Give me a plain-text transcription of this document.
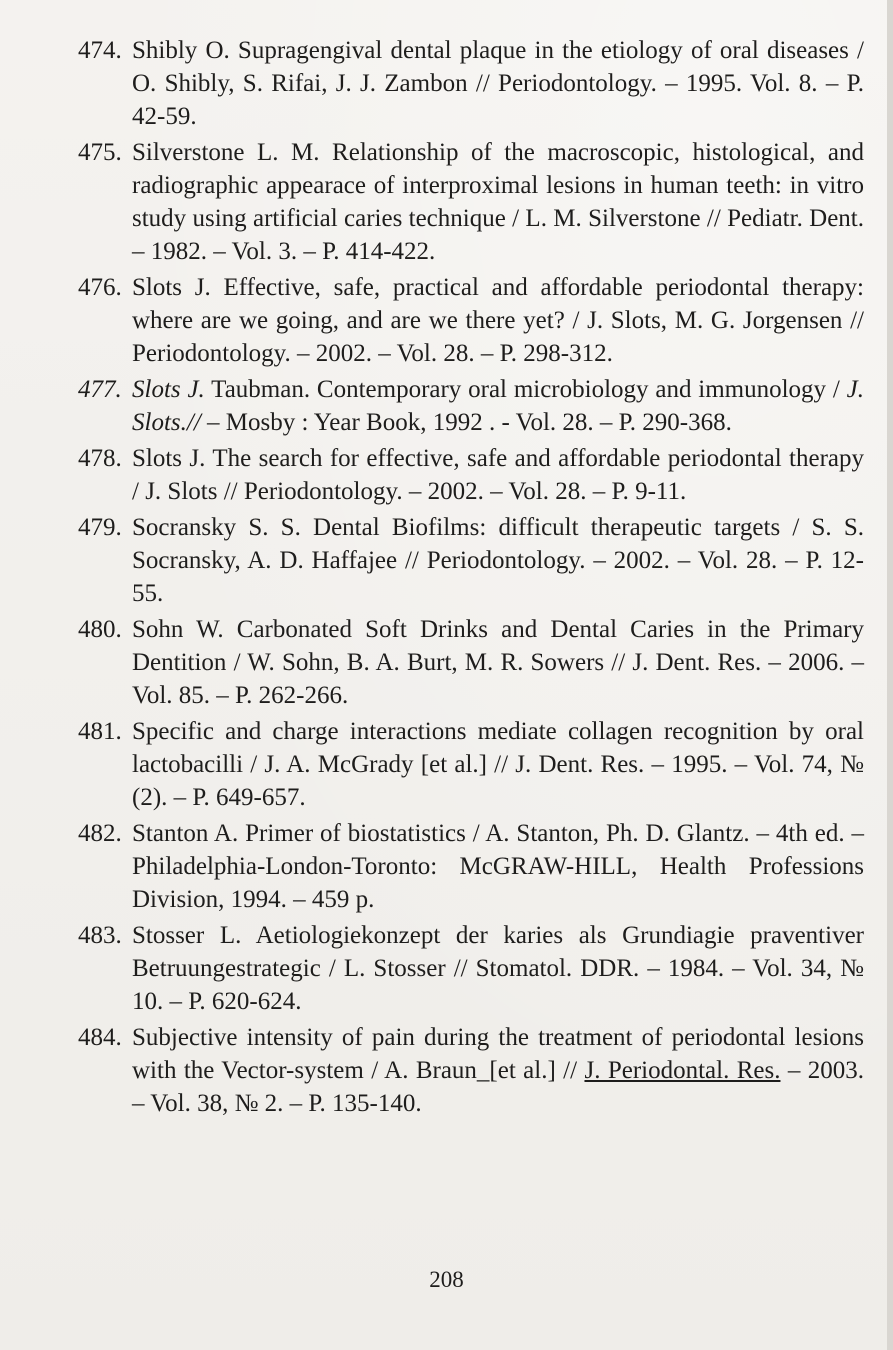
474. Shibly O. Supragengival dental plaque in the etiology of oral diseases / O. Shibly, S. Rifai, J. J. Zambon // Periodontology. – 1995. Vol. 8. – P. 42-59.
475. Silverstone L. M. Relationship of the macroscopic, histological, and radiographic appearace of interproximal lesions in human teeth: in vitro study using artificial caries technique / L. M. Silverstone // Pediatr. Dent. – 1982. – Vol. 3. – P. 414-422.
476. Slots J. Effective, safe, practical and affordable periodontal therapy: where are we going, and are we there yet? / J. Slots, M. G. Jorgensen // Periodontology. – 2002. – Vol. 28. – P. 298-312.
477. Slots J. Taubman. Contemporary oral microbiology and immunology / J. Slots.// – Mosby : Year Book, 1992 . - Vol. 28. – P. 290-368.
478. Slots J. The search for effective, safe and affordable periodontal therapy / J. Slots // Periodontology. – 2002. – Vol. 28. – P. 9-11.
479. Socransky S. S. Dental Biofilms: difficult therapeutic targets / S. S. Socransky, A. D. Haffajee // Periodontology. – 2002. – Vol. 28. – P. 12-55.
480. Sohn W. Carbonated Soft Drinks and Dental Caries in the Primary Dentition / W. Sohn, B. A. Burt, M. R. Sowers // J. Dent. Res. – 2006. – Vol. 85. – P. 262-266.
481. Specific and charge interactions mediate collagen recognition by oral lactobacilli / J. A. McGrady [et al.] // J. Dent. Res. – 1995. – Vol. 74, № (2). – P. 649-657.
482. Stanton A. Primer of biostatistics / A. Stanton, Ph. D. Glantz. – 4th ed. – Philadelphia-London-Toronto: McGRAW-HILL, Health Professions Division, 1994. – 459 p.
483. Stosser L. Aetiologiekonzept der karies als Grundiagie praventiver Betruungestrategic / L. Stosser // Stomatol. DDR. – 1984. – Vol. 34, № 10. – P. 620-624.
484. Subjective intensity of pain during the treatment of periodontal lesions with the Vector-system / A. Braun_[et al.] // J. Periodontal. Res. – 2003. – Vol. 38, № 2. – P. 135-140.
208
